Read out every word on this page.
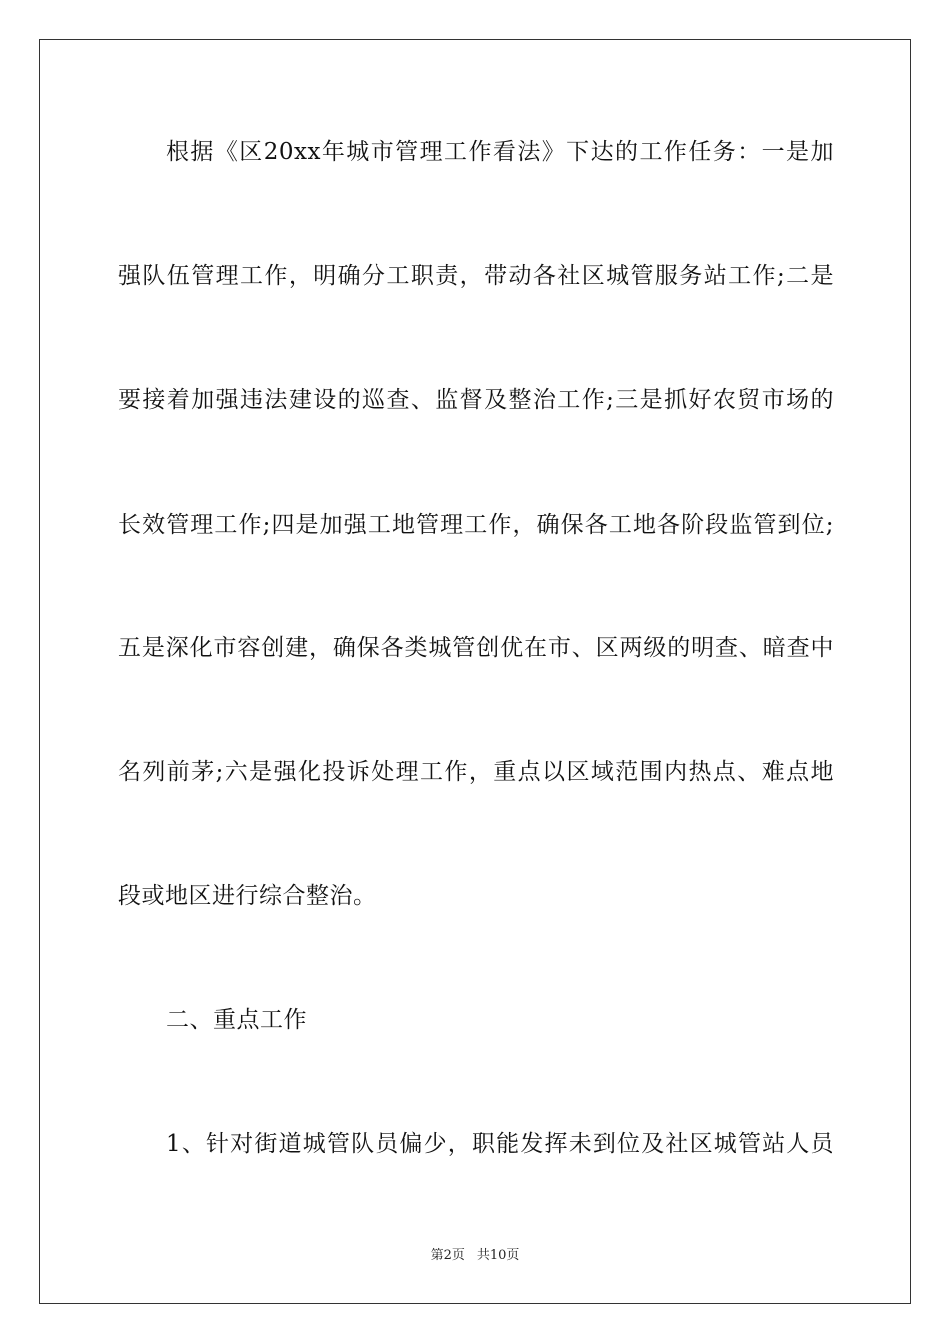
根据《区20xx年城市管理工作看法》下达的工作任务：一是加
强队伍管理工作，明确分工职责，带动各社区城管服务站工作;二是
要接着加强违法建设的巡查、监督及整治工作;三是抓好农贸市场的
长效管理工作;四是加强工地管理工作，确保各工地各阶段监管到位;
五是深化市容创建，确保各类城管创优在市、区两级的明查、暗查中
名列前茅;六是强化投诉处理工作，重点以区域范围内热点、难点地
段或地区进行综合整治。
二、重点工作
1、针对街道城管队员偏少，职能发挥未到位及社区城管站人员
第2页 共10页
